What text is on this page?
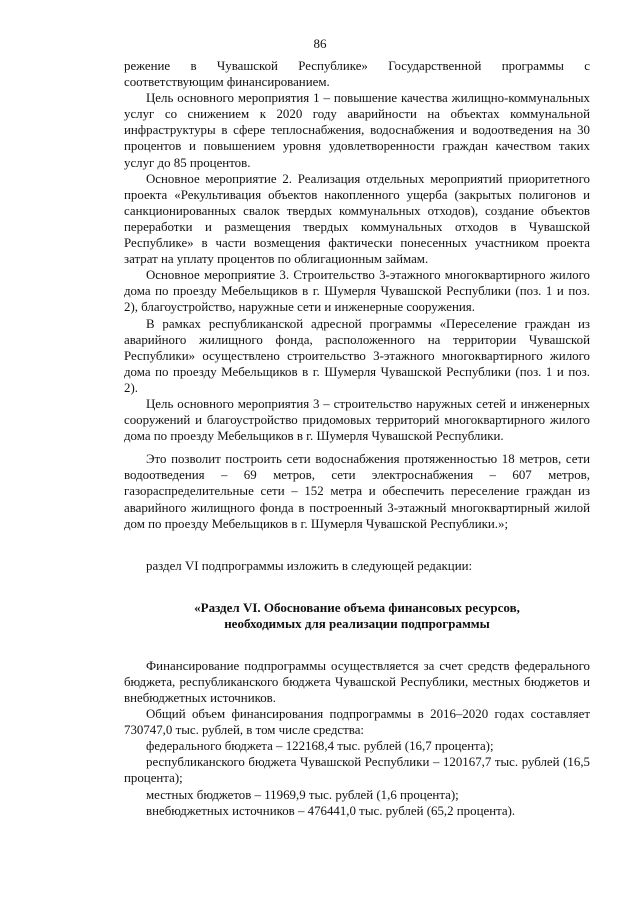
86

режение в Чувашской Республике» Государственной программы с соответствующим финансированием.

Цель основного мероприятия 1 – повышение качества жилищно-коммунальных услуг со снижением к 2020 году аварийности на объектах коммунальной инфраструктуры в сфере теплоснабжения, водоснабжения и водоотведения на 30 процентов и повышением уровня удовлетворенности граждан качеством таких услуг до 85 процентов.

Основное мероприятие 2. Реализация отдельных мероприятий приоритетного проекта «Рекультивация объектов накопленного ущерба (закрытых полигонов и санкционированных свалок твердых коммунальных отходов), создание объектов переработки и размещения твердых коммунальных отходов в Чувашской Республике» в части возмещения фактически понесенных участником проекта затрат на уплату процентов по облигационным займам.

Основное мероприятие 3. Строительство 3-этажного многоквартирного жилого дома по проезду Мебельщиков в г. Шумерля Чувашской Республики (поз. 1 и поз. 2), благоустройство, наружные сети и инженерные сооружения.

В рамках республиканской адресной программы «Переселение граждан из аварийного жилищного фонда, расположенного на территории Чувашской Республики» осуществлено строительство 3-этажного многоквартирного жилого дома по проезду Мебельщиков в г. Шумерля Чувашской Республики (поз. 1 и поз. 2).

Цель основного мероприятия 3 – строительство наружных сетей и инженерных сооружений и благоустройство придомовых территорий многоквартирного жилого дома по проезду Мебельщиков в г. Шумерля Чувашской Республики.

Это позволит построить сети водоснабжения протяженностью 18 метров, сети водоотведения – 69 метров, сети электроснабжения – 607 метров, газораспределительные сети – 152 метра и обеспечить переселение граждан из аварийного жилищного фонда в построенный 3-этажный многоквартирный жилой дом по проезду Мебельщиков в г. Шумерля Чувашской Республики.»;

раздел VI подпрограммы изложить в следующей редакции:

«Раздел VI. Обоснование объема финансовых ресурсов,
необходимых для реализации подпрограммы

Финансирование подпрограммы осуществляется за счет средств федерального бюджета, республиканского бюджета Чувашской Республики, местных бюджетов и внебюджетных источников.

Общий объем финансирования подпрограммы в 2016–2020 годах составляет 730747,0 тыс. рублей, в том числе средства:

федерального бюджета – 122168,4 тыс. рублей (16,7 процента);

республиканского бюджета Чувашской Республики – 120167,7 тыс. рублей (16,5 процента);

местных бюджетов – 11969,9 тыс. рублей (1,6 процента);

внебюджетных источников – 476441,0 тыс. рублей (65,2 процента).
